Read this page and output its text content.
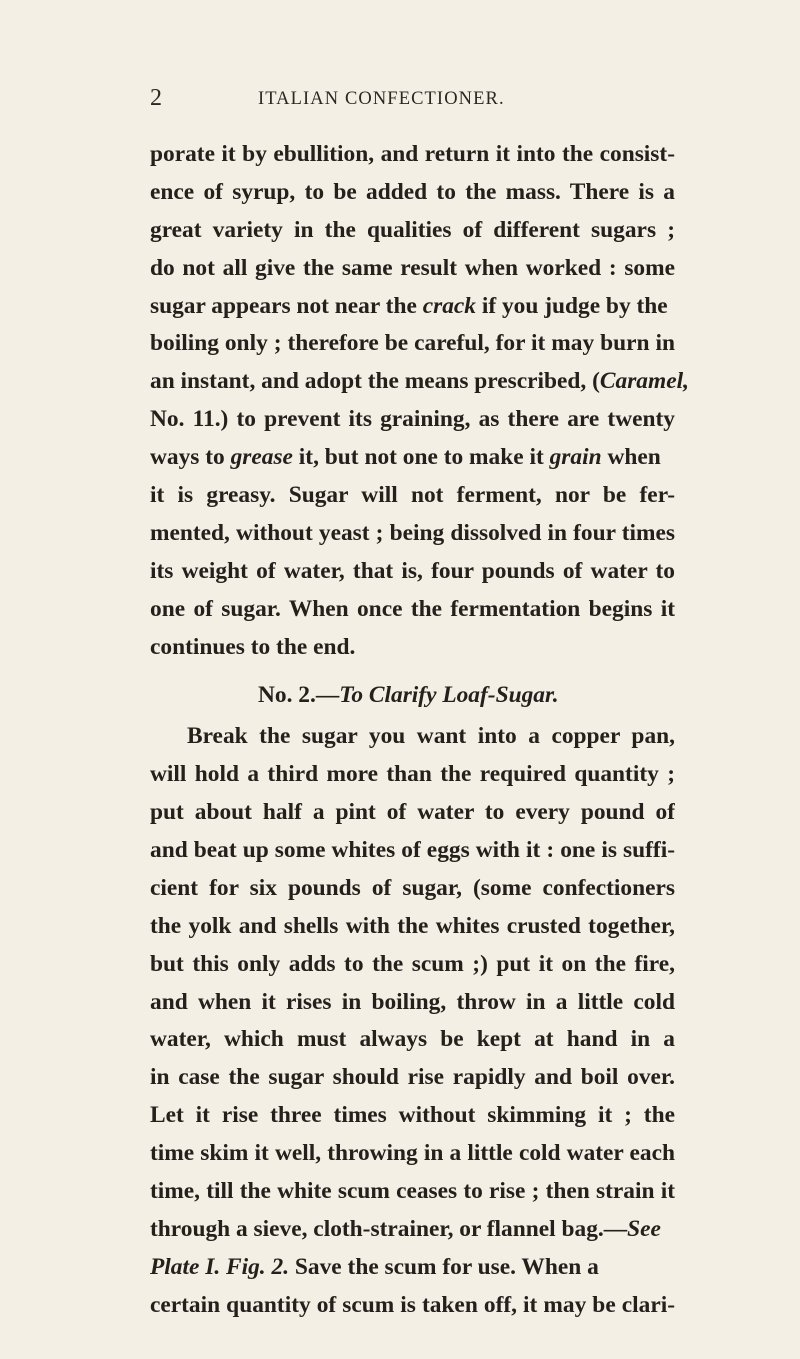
2	ITALIAN CONFECTIONER.
porate it by ebullition, and return it into the consist-
ence of syrup, to be added to the mass. There is a
great variety in the qualities of different sugars ;
do not all give the same result when worked : some
sugar appears not near the crack if you judge by the
boiling only ; therefore be careful, for it may burn in
an instant, and adopt the means prescribed, (Caramel,
No. 11.) to prevent its graining, as there are twenty
ways to grease it, but not one to make it grain when
it is greasy. Sugar will not ferment, nor be fer-
mented, without yeast ; being dissolved in four times
its weight of water, that is, four pounds of water to
one of sugar. When once the fermentation begins it
continues to the end.
No. 2.—To Clarify Loaf-Sugar.
Break the sugar you want into a copper pan,
will hold a third more than the required quantity ;
put about half a pint of water to every pound of
and beat up some whites of eggs with it : one is suffi-
cient for six pounds of sugar, (some confectioners
the yolk and shells with the whites crusted together,
but this only adds to the scum ;) put it on the fire,
and when it rises in boiling, throw in a little cold
water, which must always be kept at hand in a
in case the sugar should rise rapidly and boil over.
Let it rise three times without skimming it ; the
time skim it well, throwing in a little cold water each
time, till the white scum ceases to rise ; then strain it
through a sieve, cloth-strainer, or flannel bag.—See
Plate I. Fig. 2. Save the scum for use. When a
certain quantity of scum is taken off, it may be clari-
